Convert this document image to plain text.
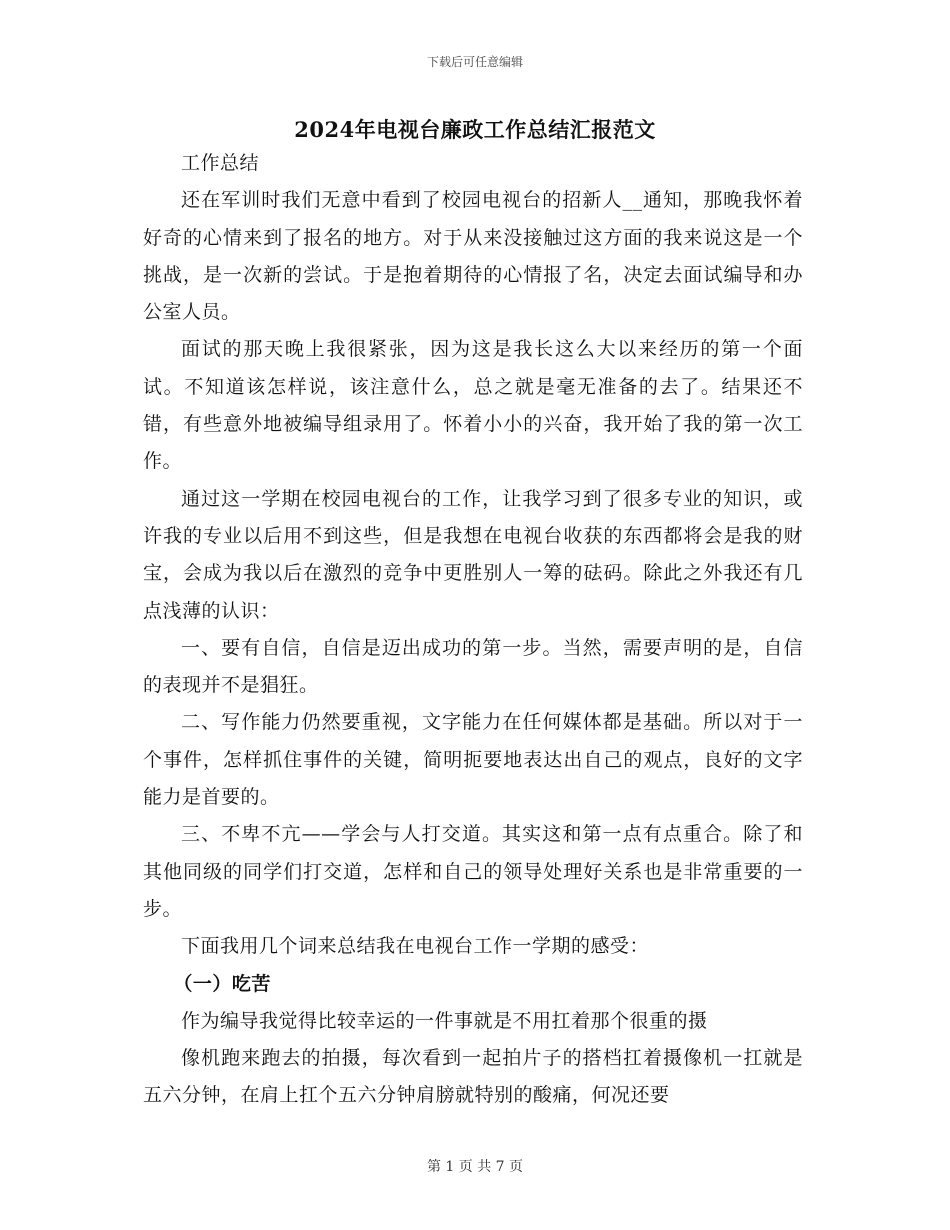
下载后可任意编辑
2024年电视台廉政工作总结汇报范文

工作总结

还在军训时我们无意中看到了校园电视台的招新人__通知，那晚我怀着好奇的心情来到了报名的地方。对于从来没接触过这方面的我来说这是一个挑战，是一次新的尝试。于是抱着期待的心情报了名，决定去面试编导和办公室人员。

面试的那天晚上我很紧张，因为这是我长这么大以来经历的第一个面试。不知道该怎样说，该注意什么，总之就是毫无准备的去了。结果还不错，有些意外地被编导组录用了。怀着小小的兴奋，我开始了我的第一次工作。

通过这一学期在校园电视台的工作，让我学习到了很多专业的知识，或许我的专业以后用不到这些，但是我想在电视台收获的东西都将会是我的财宝，会成为我以后在激烈的竞争中更胜别人一筹的砝码。除此之外我还有几点浅薄的认识：

一、要有自信，自信是迈出成功的第一步。当然，需要声明的是，自信的表现并不是猖狂。

二、写作能力仍然要重视，文字能力在任何媒体都是基础。所以对于一个事件，怎样抓住事件的关键，简明扼要地表达出自己的观点，良好的文字能力是首要的。

三、不卑不亢——学会与人打交道。其实这和第一点有点重合。除了和其他同级的同学们打交道，怎样和自己的领导处理好关系也是非常重要的一步。

下面我用几个词来总结我在电视台工作一学期的感受：

（一）吃苦

作为编导我觉得比较幸运的一件事就是不用扛着那个很重的摄

像机跑来跑去的拍摄，每次看到一起拍片子的搭档扛着摄像机一扛就是五六分钟，在肩上扛个五六分钟肩膀就特别的酸痛，何况还要

第 1 页 共 7 页
